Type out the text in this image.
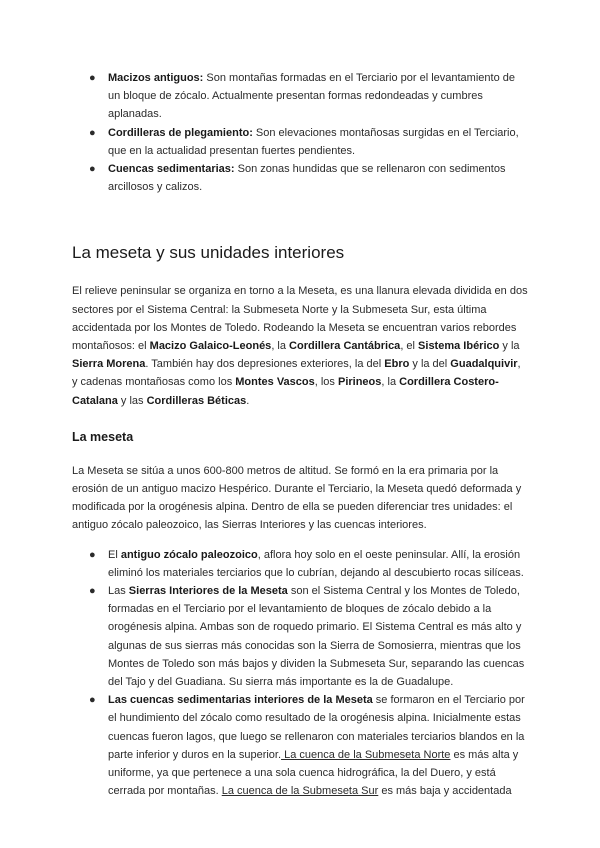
● Macizos antiguos: Son montañas formadas en el Terciario por el levantamiento de un bloque de zócalo. Actualmente presentan formas redondeadas y cumbres aplanadas.
● Cordilleras de plegamiento: Son elevaciones montañosas surgidas en el Terciario, que en la actualidad presentan fuertes pendientes.
● Cuencas sedimentarias: Son zonas hundidas que se rellenaron con sedimentos arcillosos y calizos.
La meseta y sus unidades interiores

El relieve peninsular se organiza en torno a la Meseta, es una llanura elevada dividida en dos sectores por el Sistema Central: la Submeseta Norte y la Submeseta Sur, esta última accidentada por los Montes de Toledo. Rodeando la Meseta se encuentran varios rebordes montañosos: el Macizo Galaico-Leonés, la Cordillera Cantábrica, el Sistema Ibérico y la Sierra Morena. También hay dos depresiones exteriores, la del Ebro y la del Guadalquivir, y cadenas montañosas como los Montes Vascos, los Pirineos, la Cordillera Costero-Catalana y las Cordilleras Béticas.

La meseta

La Meseta se sitúa a unos 600-800 metros de altitud. Se formó en la era primaria por la erosión de un antiguo macizo Hespérico. Durante el Terciario, la Meseta quedó deformada y modificada por la orogénesis alpina. Dentro de ella se pueden diferenciar tres unidades: el antiguo zócalo paleozoico, las Sierras Interiores y las cuencas interiores.

● El antiguo zócalo paleozoico, aflora hoy solo en el oeste peninsular. Allí, la erosión eliminó los materiales terciarios que lo cubrían, dejando al descubierto rocas silíceas.
● Las Sierras Interiores de la Meseta son el Sistema Central y los Montes de Toledo, formadas en el Terciario por el levantamiento de bloques de zócalo debido a la orogénesis alpina. Ambas son de roquedo primario. El Sistema Central es más alto y algunas de sus sierras más conocidas son la Sierra de Somosierra, mientras que los Montes de Toledo son más bajos y dividen la Submeseta Sur, separando las cuencas del Tajo y del Guadiana. Su sierra más importante es la de Guadalupe.
● Las cuencas sedimentarias interiores de la Meseta se formaron en el Terciario por el hundimiento del zócalo como resultado de la orogénesis alpina. Inicialmente estas cuencas fueron lagos, que luego se rellenaron con materiales terciarios blandos en la parte inferior y duros en la superior. La cuenca de la Submeseta Norte es más alta y uniforme, ya que pertenece a una sola cuenca hidrográfica, la del Duero, y está cerrada por montañas. La cuenca de la Submeseta Sur es más baja y accidentada
